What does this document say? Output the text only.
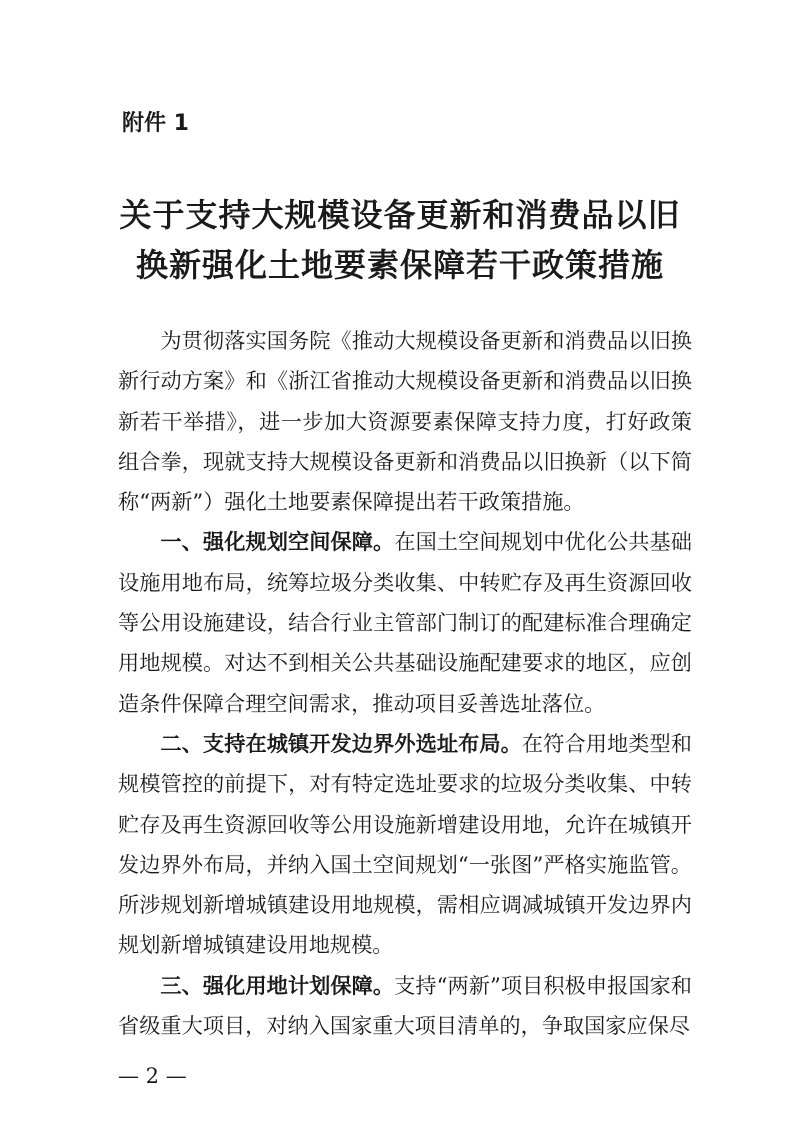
附件 1
关于支持大规模设备更新和消费品以旧
换新强化土地要素保障若干政策措施

为贯彻落实国务院《推动大规模设备更新和消费品以旧换新行动方案》和《浙江省推动大规模设备更新和消费品以旧换新若干举措》，进一步加大资源要素保障支持力度，打好政策组合拳，现就支持大规模设备更新和消费品以旧换新（以下简称“两新”）强化土地要素保障提出若干政策措施。

一、强化规划空间保障。在国土空间规划中优化公共基础设施用地布局，统筹垃圾分类收集、中转贮存及再生资源回收等公用设施建设，结合行业主管部门制订的配建标准合理确定用地规模。对达不到相关公共基础设施配建要求的地区，应创造条件保障合理空间需求，推动项目妥善选址落位。

二、支持在城镇开发边界外选址布局。在符合用地类型和规模管控的前提下，对有特定选址要求的垃圾分类收集、中转贮存及再生资源回收等公用设施新增建设用地，允许在城镇开发边界外布局，并纳入国土空间规划“一张图”严格实施监管。所涉规划新增城镇建设用地规模，需相应调减城镇开发边界内规划新增城镇建设用地规模。

三、强化用地计划保障。支持“两新”项目积极申报国家和省级重大项目，对纳入国家重大项目清单的，争取国家应保尽

— 2 —
